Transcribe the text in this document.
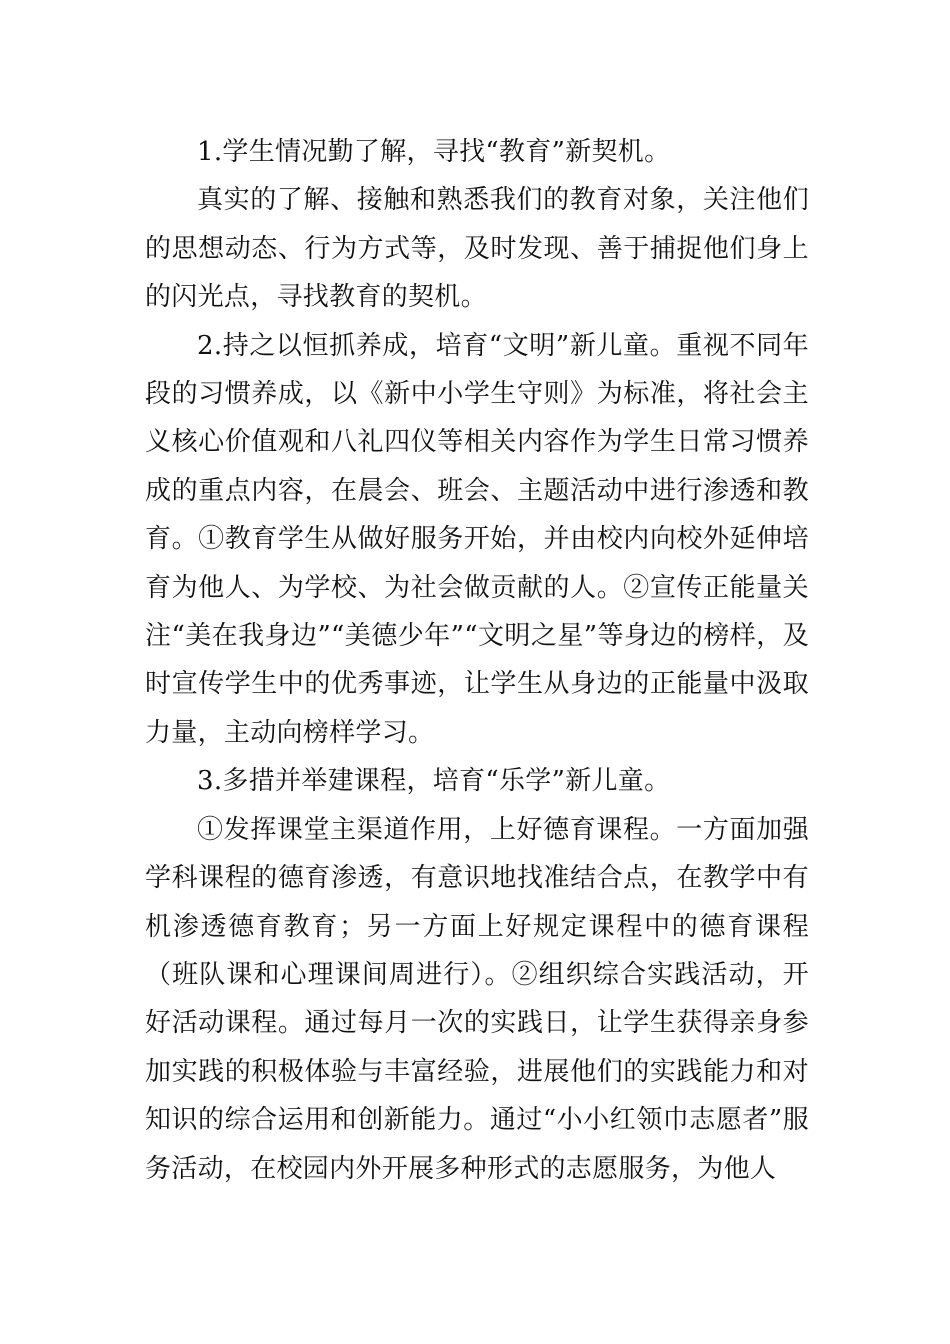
1.学生情况勤了解，寻找“教育”新契机。

真实的了解、接触和熟悉我们的教育对象，关注他们的思想动态、行为方式等，及时发现、善于捕捉他们身上的闪光点，寻找教育的契机。

2.持之以恒抓养成，培育“文明”新儿童。重视不同年段的习惯养成，以《新中小学生守则》为标准，将社会主义核心价值观和八礼四仪等相关内容作为学生日常习惯养成的重点内容，在晨会、班会、主题活动中进行渗透和教育。①教育学生从做好服务开始，并由校内向校外延伸培育为他人、为学校、为社会做贡献的人。②宣传正能量关注“美在我身边”“美德少年”“文明之星”等身边的榜样，及时宣传学生中的优秀事迹，让学生从身边的正能量中汲取力量，主动向榜样学习。

3.多措并举建课程，培育“乐学”新儿童。

①发挥课堂主渠道作用，上好德育课程。一方面加强学科课程的德育渗透，有意识地找准结合点，在教学中有机渗透德育教育；另一方面上好规定课程中的德育课程（班队课和心理课间周进行）。②组织综合实践活动，开好活动课程。通过每月一次的实践日，让学生获得亲身参加实践的积极体验与丰富经验，进展他们的实践能力和对知识的综合运用和创新能力。通过“小小红领巾志愿者”服务活动，在校园内外开展多种形式的志愿服务，为他人
